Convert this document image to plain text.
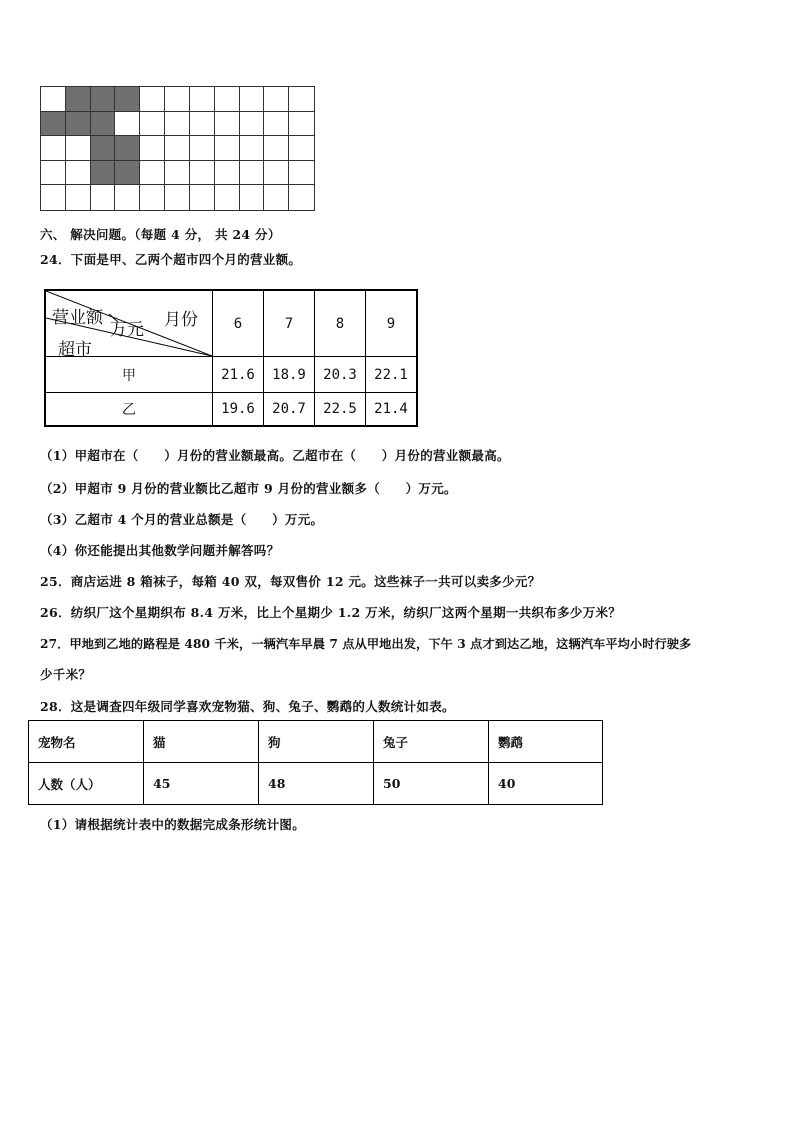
六、 解决问题。（每题 4 分， 共 24 分）
24．下面是甲、乙两个超市四个月的营业额。
月份
营业额
万元
超市	6	7	8	9
甲	21.6	18.9	20.3	22.1
乙	19.6	20.7	22.5	21.4
（1）甲超市在（　　）月份的营业额最高。乙超市在（　　）月份的营业额最高。
（2）甲超市 9 月份的营业额比乙超市 9 月份的营业额多（　　）万元。
（3）乙超市 4 个月的营业总额是（　　）万元。
（4）你还能提出其他数学问题并解答吗？
25．商店运进 8 箱袜子，每箱 40 双，每双售价 12 元。这些袜子一共可以卖多少元？
26．纺织厂这个星期织布 8.4 万米，比上个星期少 1.2 万米，纺织厂这两个星期一共织布多少万米？
27．甲地到乙地的路程是 480 千米，一辆汽车早晨 7 点从甲地出发，下午 3 点才到达乙地，这辆汽车平均小时行驶多
少千米？
28．这是调查四年级同学喜欢宠物猫、狗、兔子、鹦鹉的人数统计如表。
宠物名	猫	狗	兔子	鹦鹉
人数（人）	45	48	50	40
（1）请根据统计表中的数据完成条形统计图。
